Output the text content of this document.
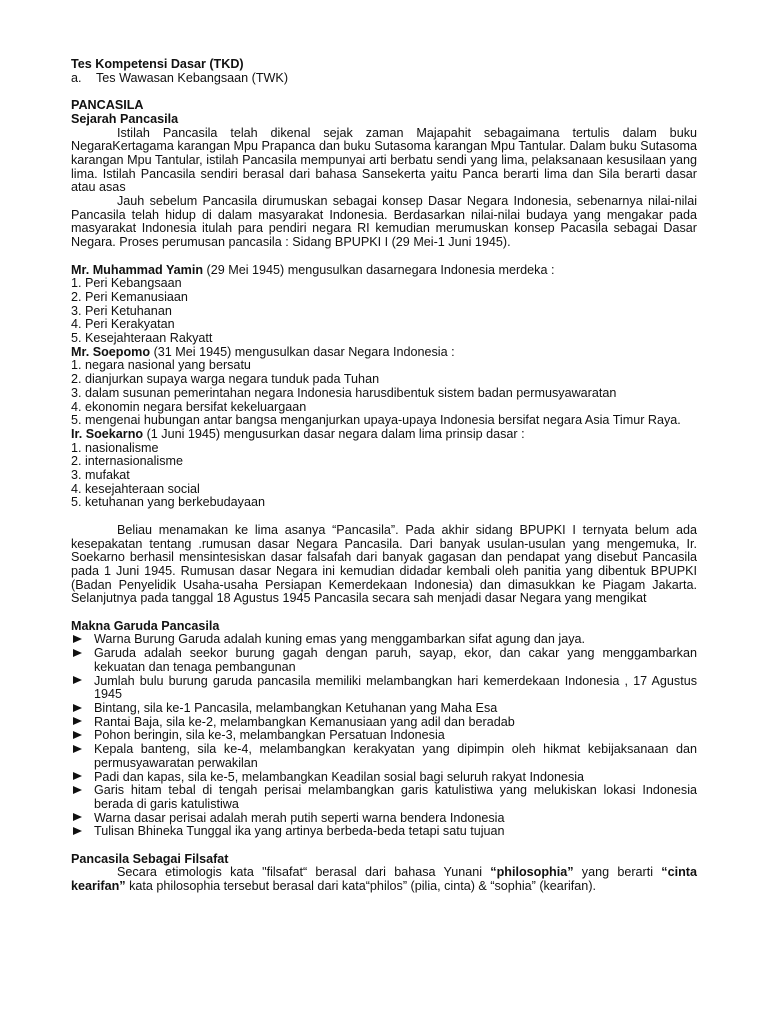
Tes Kompetensi Dasar (TKD)
a.	Tes Wawasan Kebangsaan (TWK)
PANCASILA
Sejarah Pancasila

Istilah Pancasila telah dikenal sejak zaman Majapahit sebagaimana tertulis dalam buku NegaraKertagama karangan Mpu Prapanca dan buku Sutasoma karangan Mpu Tantular. Dalam buku Sutasoma karangan Mpu Tantular, istilah Pancasila mempunyai arti berbatu sendi yang lima, pelaksanaan kesusilaan yang lima. Istilah Pancasila sendiri berasal dari bahasa Sansekerta yaitu Panca berarti lima dan Sila berarti dasar atau asas

Jauh sebelum Pancasila dirumuskan sebagai konsep Dasar Negara Indonesia, sebenarnya nilai-nilai Pancasila telah hidup di dalam masyarakat Indonesia. Berdasarkan nilai-nilai budaya yang mengakar pada masyarakat Indonesia itulah para pendiri negara RI kemudian merumuskan konsep Pacasila sebagai Dasar Negara. Proses perumusan pancasila : Sidang BPUPKI I (29 Mei-1 Juni 1945).

Mr. Muhammad Yamin (29 Mei 1945) mengusulkan dasarnegara Indonesia merdeka :
1. Peri Kebangsaan
2. Peri Kemanusiaan
3. Peri Ketuhanan
4. Peri Kerakyatan
5. Kesejahteraan Rakyatt
Mr. Soepomo (31 Mei 1945) mengusulkan dasar Negara Indonesia :
1. negara nasional yang bersatu
2. dianjurkan supaya warga negara tunduk pada Tuhan
3. dalam susunan pemerintahan negara Indonesia harusdibentuk sistem badan permusyawaratan
4. ekonomin negara bersifat kekeluargaan
5. mengenai hubungan antar bangsa menganjurkan upaya-upaya Indonesia bersifat negara Asia Timur Raya.
Ir. Soekarno (1 Juni 1945) mengusurkan dasar negara dalam lima prinsip dasar :
1. nasionalisme
2. internasionalisme
3. mufakat
4. kesejahteraan social
5. ketuhanan yang berkebudayaan

Beliau menamakan ke lima asanya “Pancasila”. Pada akhir sidang BPUPKI I ternyata belum ada kesepakatan tentang .rumusan dasar Negara Pancasila. Dari banyak usulan-usulan yang mengemuka, Ir. Soekarno berhasil mensintesiskan dasar falsafah dari banyak gagasan dan pendapat yang disebut Pancasila pada 1 Juni 1945. Rumusan dasar Negara ini kemudian didadar kembali oleh panitia yang dibentuk BPUPKI (Badan Penyelidik Usaha-usaha Persiapan Kemerdekaan Indonesia) dan dimasukkan ke Piagam Jakarta. Selanjutnya pada tanggal 18 Agustus 1945 Pancasila secara sah menjadi dasar Negara yang mengikat

Makna Garuda Pancasila
Warna Burung Garuda adalah kuning emas yang menggambarkan sifat agung dan jaya.
Garuda adalah seekor burung gagah dengan paruh, sayap, ekor, dan cakar yang menggambarkan kekuatan dan tenaga pembangunan
Jumlah bulu burung garuda pancasila memiliki melambangkan hari kemerdekaan Indonesia , 17 Agustus 1945
Bintang, sila ke-1 Pancasila, melambangkan Ketuhanan yang Maha Esa
Rantai Baja, sila ke-2, melambangkan Kemanusiaan yang adil dan beradab
Pohon beringin, sila ke-3, melambangkan Persatuan Indonesia
Kepala banteng, sila ke-4, melambangkan kerakyatan yang dipimpin oleh hikmat kebijaksanaan dan permusyawaratan perwakilan
Padi dan kapas, sila ke-5, melambangkan Keadilan sosial bagi seluruh rakyat Indonesia
Garis hitam tebal di tengah perisai melambangkan garis katulistiwa yang melukiskan lokasi Indonesia berada di garis katulistiwa
Warna dasar perisai adalah merah putih seperti warna bendera Indonesia
Tulisan Bhineka Tunggal ika yang artinya berbeda-beda tetapi satu tujuan
Pancasila Sebagai Filsafat

Secara etimologis kata "filsafat“ berasal dari bahasa Yunani “philosophia” yang berarti “cinta kearifan” kata philosophia tersebut berasal dari kata“philos” (pilia, cinta) & “sophia” (kearifan).
